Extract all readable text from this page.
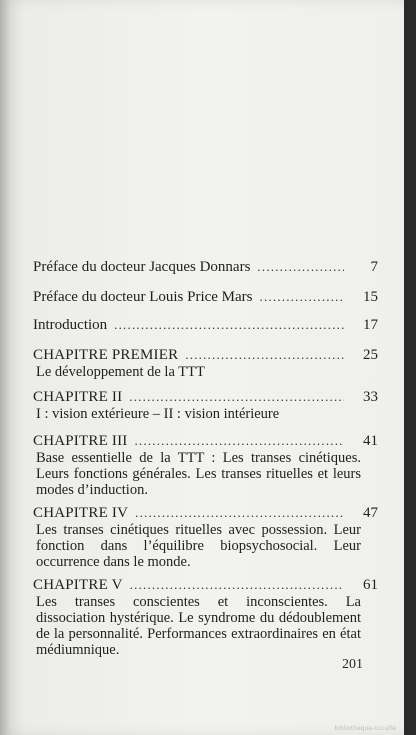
Préface du docteur Jacques Donnars .....	7
Préface du docteur Louis Price Mars .....	15
Introduction .....	17
CHAPITRE PREMIER .....	25
Le développement de la TTT
CHAPITRE II .....	33
I : vision extérieure – II : vision intérieure
CHAPITRE III .....	41
Base essentielle de la TTT : Les transes cinétiques. Leurs fonctions générales. Les transes rituelles et leurs modes d’induction.
CHAPITRE IV .....	47
Les transes cinétiques rituelles avec possession. Leur fonction dans l’équilibre biopsychosocial. Leur occurrence dans le monde.
CHAPITRE V .....	61
Les transes conscientes et inconscientes. La dissociation hystérique. Le syndrome du dédoublement de la personnalité. Performances extraordinaires en état médiumnique.
201
bibliotheque-occulte
